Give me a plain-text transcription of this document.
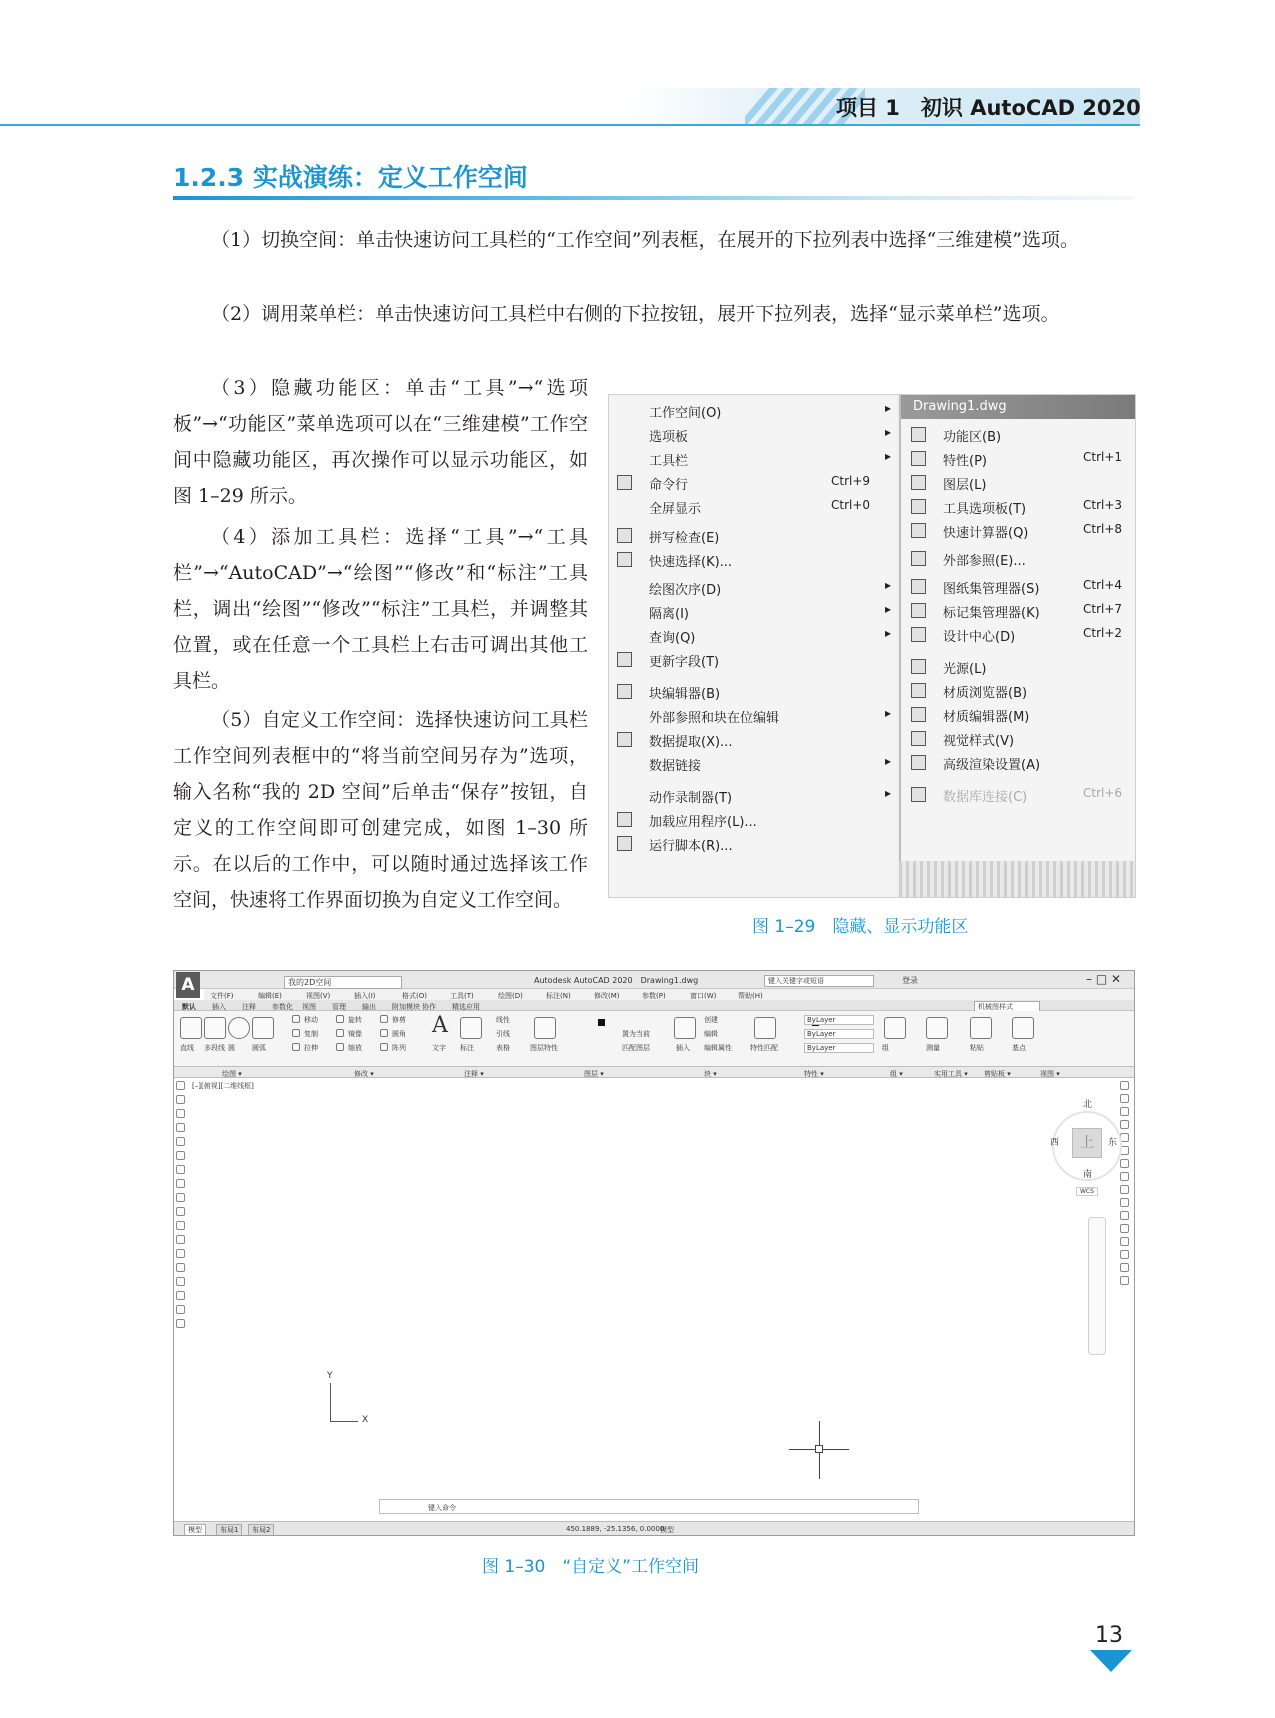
项目 1　初识 AutoCAD 2020
1.2.3 实战演练：定义工作空间
（1）切换空间：单击快速访问工具栏的“工作空间”列表框，在展开的下拉列表中选择“三维建模”选项。
（2）调用菜单栏：单击快速访问工具栏中右侧的下拉按钮，展开下拉列表，选择“显示菜单栏”选项。
（3）隐藏功能区：单击“工具”→“选项板”→“功能区”菜单选项可以在“三维建模”工作空间中隐藏功能区，再次操作可以显示功能区，如图 1–29 所示。
（4）添加工具栏：选择“工具”→“工具栏”→“AutoCAD”→“绘图”“修改”和“标注”工具栏，调出“绘图”“修改”“标注”工具栏，并调整其位置，或在任意一个工具栏上右击可调出其他工具栏。
（5）自定义工作空间：选择快速访问工具栏工作空间列表框中的“将当前空间另存为”选项，输入名称“我的 2D 空间”后单击“保存”按钮，自定义的工作空间即可创建完成，如图 1–30 所示。在以后的工作中，可以随时通过选择该工作空间，快速将工作界面切换为自定义工作空间。
工作空间(O)	▸
选项板	▸
工具栏	▸
命令行	Ctrl+9
全屏显示	Ctrl+0
拼写检查(E)
快速选择(K)...
绘图次序(D)	▸
隔离(I)	▸
查询(Q)	▸
更新字段(T)
块编辑器(B)
外部参照和块在位编辑	▸
数据提取(X)...
数据链接	▸
动作录制器(T)	▸
加载应用程序(L)...
运行脚本(R)...
Drawing1.dwg
功能区(B)
特性(P)	Ctrl+1
图层(L)
工具选项板(T)	Ctrl+3
快速计算器(Q)	Ctrl+8
外部参照(E)...
图纸集管理器(S)	Ctrl+4
标记集管理器(K)	Ctrl+7
设计中心(D)	Ctrl+2
光源(L)
材质浏览器(B)
材质编辑器(M)
视觉样式(V)
高级渲染设置(A)
数据库连接(C)	Ctrl+6
图 1–29　隐藏、显示功能区
我的2D空间	Autodesk AutoCAD 2020　Drawing1.dwg	键入关键字或短语	登录	– □ ✕
A
文件(F)	编辑(E)	视图(V)	插入(I)	格式(O)	工具(T)	绘图(D)	标注(N)	修改(M)	参数(P)	窗口(W)	帮助(H)
机械图样式
默认 插入 注释 参数化 视图 管理 输出 附加模块 协作 精选应用
A
直线 多段线 圆 圆弧
移动	旋转	修剪
复制	镜像	圆角
拉伸	缩放	阵列	文字 标注
线性
引线
表格	图层特性
置为当前
匹配图层	插入
创建
编辑
编辑属性	特性匹配
ByLayer
ByLayer
ByLayer	组	测量	粘贴	基点
绘图 ▾	修改 ▾	注释 ▾	图层 ▾	块 ▾	特性 ▾	组 ▾	实用工具 ▾ 剪贴板 ▾	视图 ▾
[–][俯视][二维线框]
上
北
南
东
西
WCS
Y
X
键入命令
450.1889, -25.1356, 0.0000
模型
模型	布局1	布局2
图 1–30　“自定义”工作空间
13
